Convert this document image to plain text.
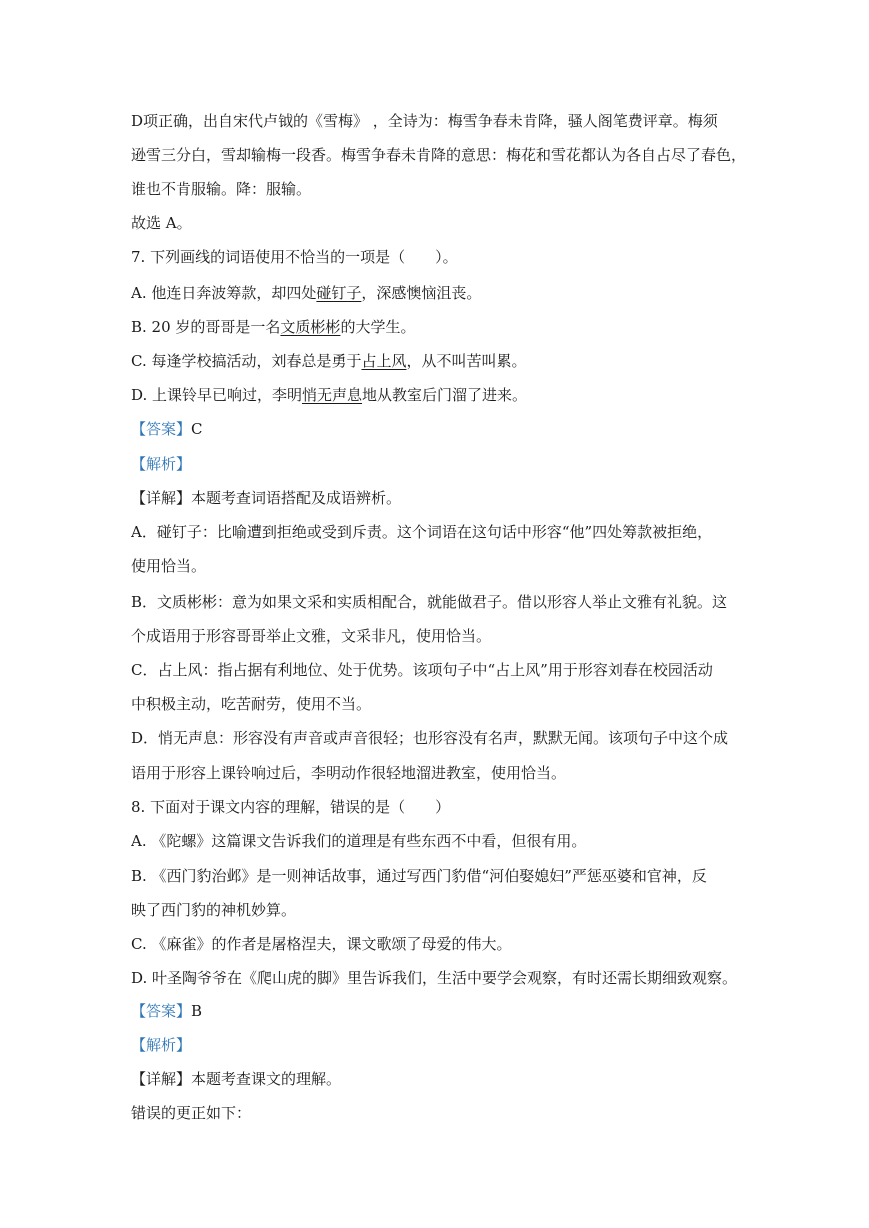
D项正确，出自宋代卢钺的《雪梅》 ，全诗为：梅雪争春未肯降，骚人阁笔费评章。梅须
逊雪三分白，雪却输梅一段香。梅雪争春未肯降的意思：梅花和雪花都认为各自占尽了春色，
谁也不肯服输。降：服输。
故选 A。
7. 下列画线的词语使用不恰当的一项是（　　）。
A. 他连日奔波筹款，却四处碰钉子，深感懊恼沮丧。
B. 20 岁的哥哥是一名文质彬彬的大学生。
C. 每逢学校搞活动，刘春总是勇于占上风，从不叫苦叫累。
D. 上课铃早已响过，李明悄无声息地从教室后门溜了进来。
【答案】C
【解析】
【详解】本题考查词语搭配及成语辨析。
A．碰钉子：比喻遭到拒绝或受到斥责。这个词语在这句话中形容“他”四处筹款被拒绝，
使用恰当。
B．文质彬彬：意为如果文采和实质相配合，就能做君子。借以形容人举止文雅有礼貌。这
个成语用于形容哥哥举止文雅，文采非凡，使用恰当。
C．占上风：指占据有利地位、处于优势。该项句子中“占上风”用于形容刘春在校园活动
中积极主动，吃苦耐劳，使用不当。
D．悄无声息：形容没有声音或声音很轻；也形容没有名声，默默无闻。该项句子中这个成
语用于形容上课铃响过后，李明动作很轻地溜进教室，使用恰当。
8. 下面对于课文内容的理解，错误的是（　　）
A. 《陀螺》这篇课文告诉我们的道理是有些东西不中看，但很有用。
B. 《西门豹治邺》是一则神话故事，通过写西门豹借“河伯娶媳妇”严惩巫婆和官神，反
映了西门豹的神机妙算。
C. 《麻雀》的作者是屠格涅夫，课文歌颂了母爱的伟大。
D. 叶圣陶爷爷在《爬山虎的脚》里告诉我们，生活中要学会观察，有时还需长期细致观察。
【答案】B
【解析】
【详解】本题考查课文的理解。
错误的更正如下：
